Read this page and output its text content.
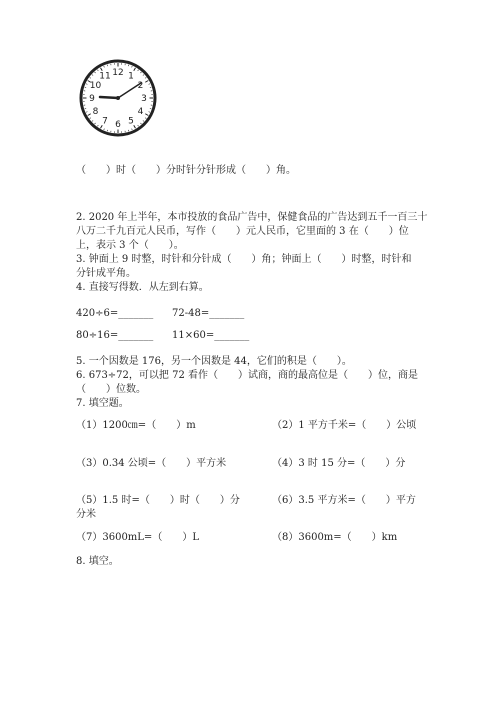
12 1
2
3
4
5
6
7
8
9
10
11
（　　）时（　　）分时针分针形成（　　）角。
2. 2020 年上半年，本市投放的食品广告中，保健食品的广告达到五千一百三十
八万二千九百元人民币，写作（　　）元人民币，它里面的 3 在（　　）位
上，表示 3 个（　　）。
3. 钟面上 9 时整，时针和分针成（　　）角；钟面上（　　）时整，时针和
分针成平角。
4. 直接写得数．从左到右算。
420÷6=_______ 72-48=_______
80÷16=_______ 11×60=_______
5. 一个因数是 176，另一个因数是 44，它们的积是（　　）。
6. 673÷72，可以把 72 看作（　　）试商，商的最高位是（　　）位，商是
（　　）位数。
7. 填空题。
（1）1200㎝=（　　）m	（2）1 平方千米=（　　）公顷
（3）0.34 公顷=（　　）平方米	（4）3 时 15 分=（　　）分
（5）1.5 时=（　　）时（　　）分	（6）3.5 平方米=（　　）平方
分米
（7）3600mL=（　　）L	（8）3600m=（　　）km
8. 填空。
